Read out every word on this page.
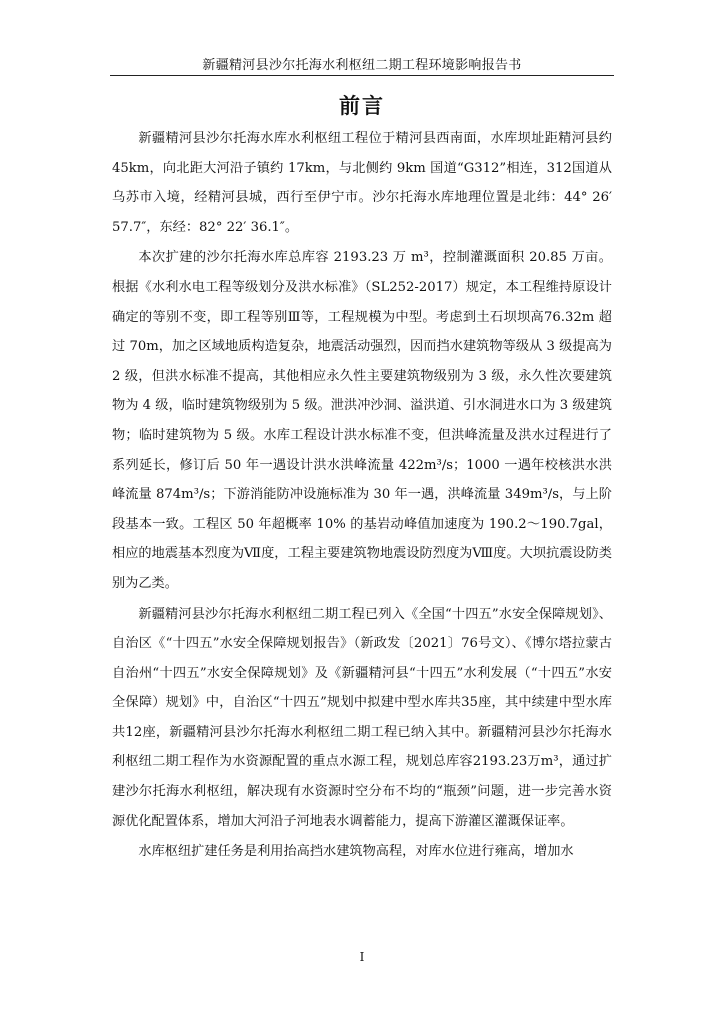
新疆精河县沙尔托海水利枢纽二期工程环境影响报告书
前言

新疆精河县沙尔托海水库水利枢纽工程位于精河县西南面，水库坝址距精河县约 45km，向北距大河沿子镇约 17km，与北侧约 9km 国道“G312”相连，312国道从乌苏市入境，经精河县城，西行至伊宁市。沙尔托海水库地理位置是北纬：44° 26′ 57.7″，东经：82° 22′ 36.1″。

本次扩建的沙尔托海水库总库容 2193.23 万 m³，控制灌溉面积 20.85 万亩。根据《水利水电工程等级划分及洪水标准》（SL252-2017）规定，本工程维持原设计确定的等别不变，即工程等别Ⅲ等，工程规模为中型。考虑到土石坝坝高76.32m 超过 70m，加之区域地质构造复杂，地震活动强烈，因而挡水建筑物等级从 3 级提高为 2 级，但洪水标准不提高，其他相应永久性主要建筑物级别为 3 级，永久性次要建筑物为 4 级，临时建筑物级别为 5 级。泄洪冲沙洞、溢洪道、引水洞进水口为 3 级建筑物；临时建筑物为 5 级。水库工程设计洪水标准不变，但洪峰流量及洪水过程进行了系列延长，修订后 50 年一遇设计洪水洪峰流量 422m³/s；1000 一遇年校核洪水洪峰流量 874m³/s；下游消能防冲设施标准为 30 年一遇，洪峰流量 349m³/s，与上阶段基本一致。工程区 50 年超概率 10% 的基岩动峰值加速度为 190.2～190.7gal，相应的地震基本烈度为Ⅶ度，工程主要建筑物地震设防烈度为Ⅷ度。大坝抗震设防类别为乙类。

新疆精河县沙尔托海水利枢纽二期工程已列入《全国“十四五”水安全保障规划》、自治区《“十四五”水安全保障规划报告》（新政发〔2021〕76号文）、《博尔塔拉蒙古自治州“十四五”水安全保障规划》及《新疆精河县“十四五”水利发展（“十四五”水安全保障）规划》中，自治区“十四五”规划中拟建中型水库共35座，其中续建中型水库共12座，新疆精河县沙尔托海水利枢纽二期工程已纳入其中。新疆精河县沙尔托海水利枢纽二期工程作为水资源配置的重点水源工程，规划总库容2193.23万m³，通过扩建沙尔托海水利枢纽，解决现有水资源时空分布不均的“瓶颈”问题，进一步完善水资源优化配置体系，增加大河沿子河地表水调蓄能力，提高下游灌区灌溉保证率。

水库枢纽扩建任务是利用抬高挡水建筑物高程，对库水位进行雍高，增加水

I
